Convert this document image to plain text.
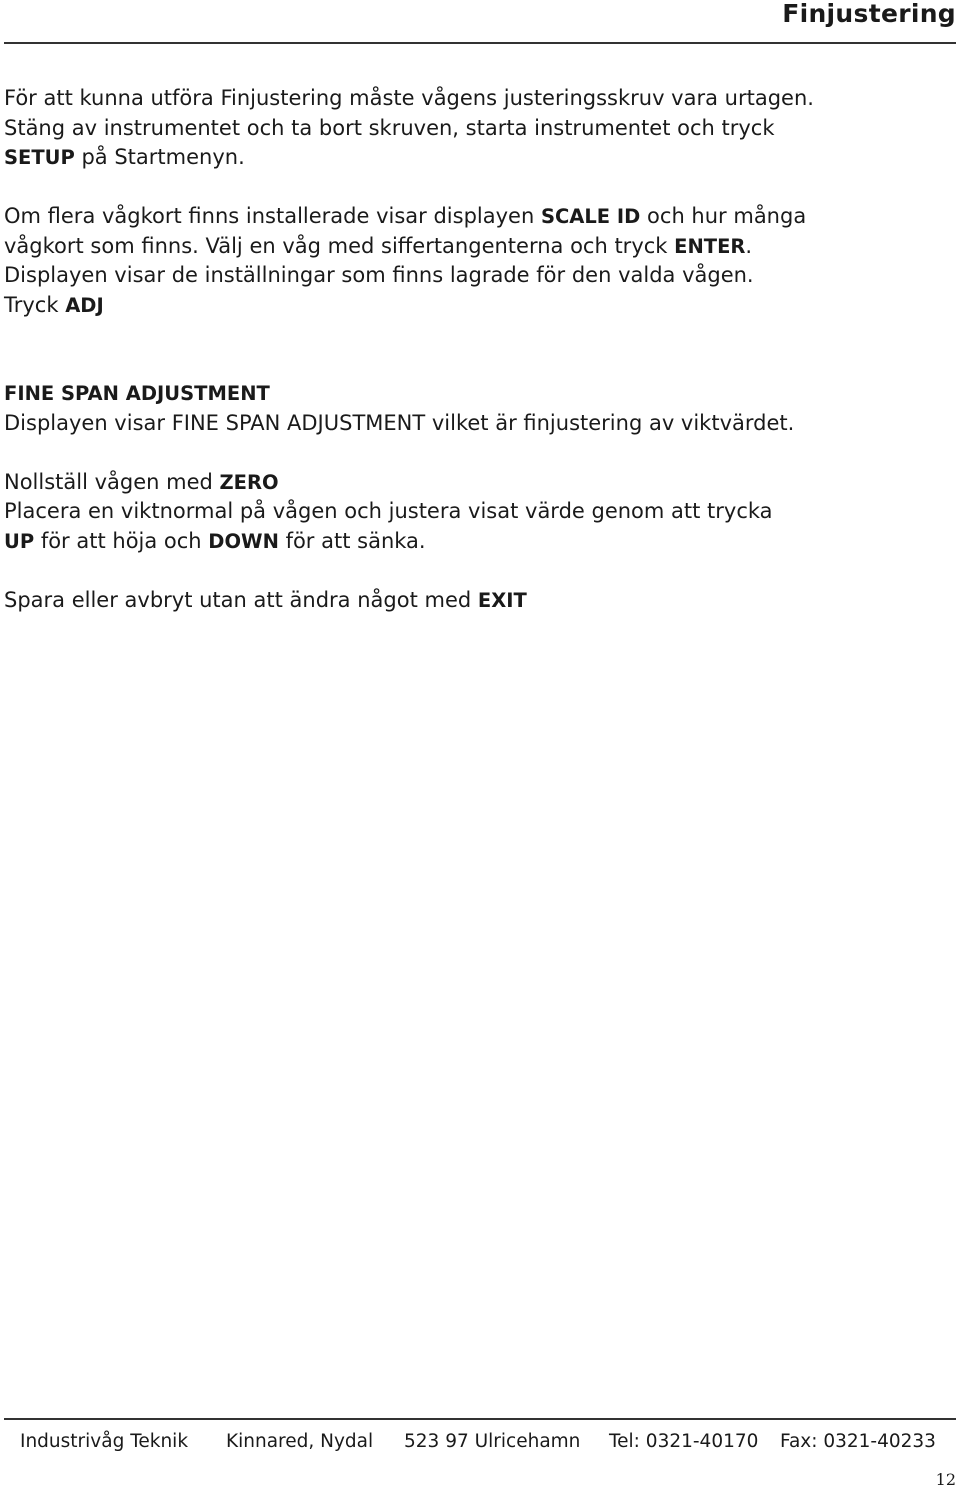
Finjustering

För att kunna utföra Finjustering måste vågens justeringsskruv vara urtagen.
Stäng av instrumentet och ta bort skruven, starta instrumentet och tryck
SETUP på Startmenyn.

Om flera vågkort finns installerade visar displayen SCALE ID och hur många
vågkort som finns. Välj en våg med siffertangenterna och tryck ENTER.
Displayen visar de inställningar som finns lagrade för den valda vågen.
Tryck ADJ

FINE SPAN ADJUSTMENT
Displayen visar FINE SPAN ADJUSTMENT vilket är finjustering av viktvärdet.

Nollställ vågen med ZERO
Placera en viktnormal på vågen och justera visat värde genom att trycka
UP för att höja och DOWN för att sänka.

Spara eller avbryt utan att ändra något med EXIT

Industrivåg Teknik Kinnared, Nydal 523 97 Ulricehamn Tel: 0321-40170 Fax: 0321-40233
12
